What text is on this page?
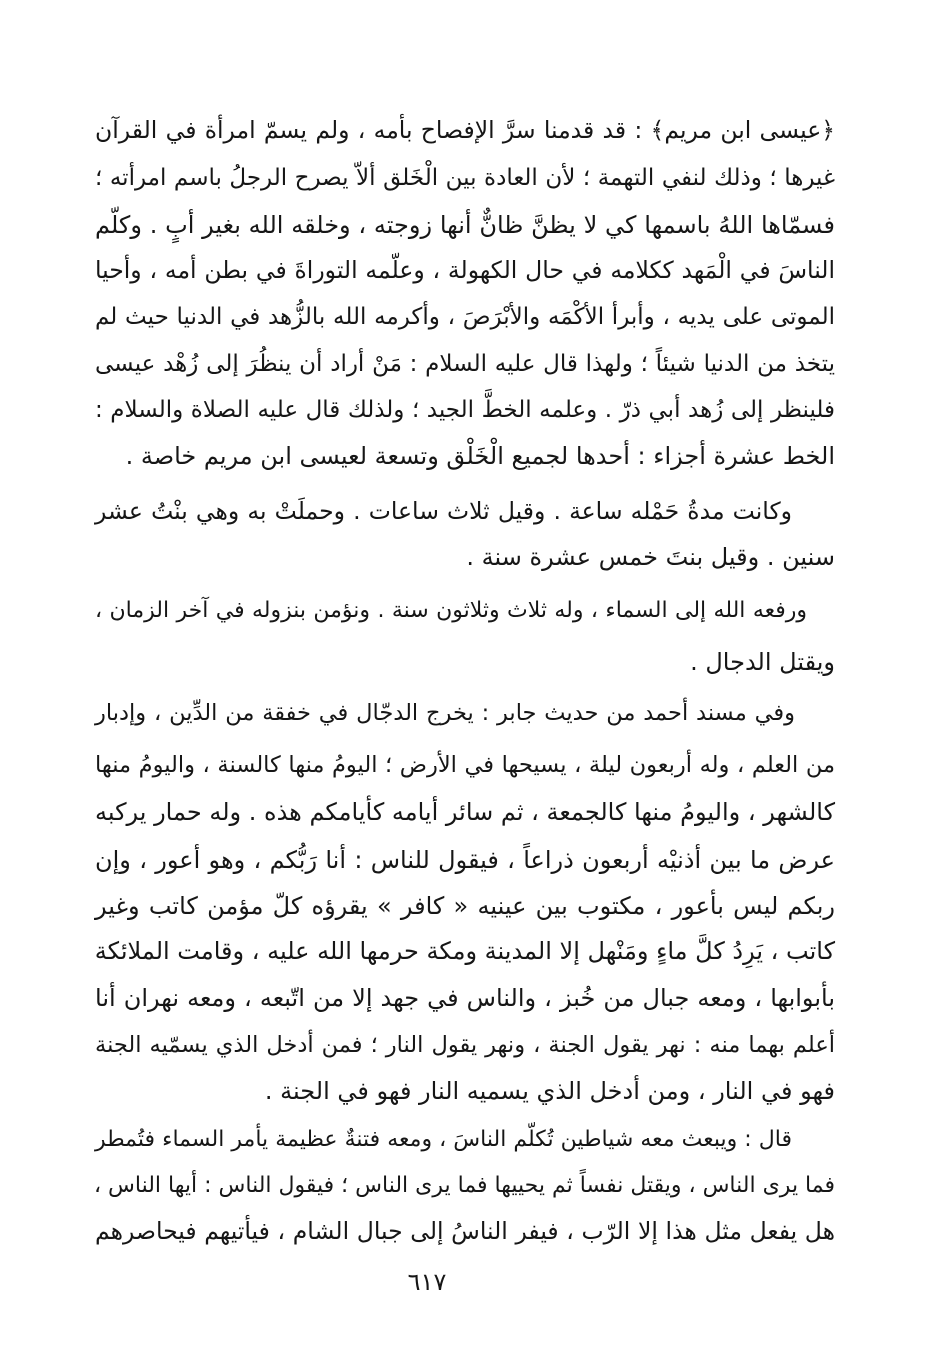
﴿عيسى ابن مريم﴾ : قد قدمنا سرَّ الإفصاح بأمه ، ولم يسمّ امرأة في القرآن
غيرها ؛ وذلك لنفي التهمة ؛ لأن العادة بين الْخَلق ألاّ يصرح الرجلُ باسم امرأته ؛
فسمّاها اللهُ باسمها كي لا يظنَّ ظانٌّ أنها زوجته ، وخلقه الله بغير أبٍ . وكلّم
الناسَ في الْمَهد ككلامه في حال الكهولة ، وعلّمه التوراةَ في بطن أمه ، وأحيا
الموتى على يديه ، وأبرأ الأكْمَه والأبْرَصَ ، وأكرمه الله بالزُّهد في الدنيا حيث لم
يتخذ من الدنيا شيئاً ؛ ولهذا قال عليه السلام : مَنْ أراد أن ينظُرَ إلى زُهْد عيسى
فلينظر إلى زُهد أبي ذرّ . وعلمه الخطَّ الجيد ؛ ولذلك قال عليه الصلاة والسلام :
الخط عشرة أجزاء : أحدها لجميع الْخَلْق وتسعة لعيسى ابن مريم خاصة .
وكانت مدةُ حَمْله ساعة . وقيل ثلاث ساعات . وحملَتْ به وهي بنْتُ عشر
سنين . وقيل بنتَ خمس عشرة سنة .
ورفعه الله إلى السماء ، وله ثلاث وثلاثون سنة . ونؤمن بنزوله في آخر الزمان ،
ويقتل الدجال .
وفي مسند أحمد من حديث جابر : يخرج الدجّال في خفقة من الدِّين ، وإدبار
من العلم ، وله أربعون ليلة ، يسيحها في الأرض ؛ اليومُ منها كالسنة ، واليومُ منها
كالشهر ، واليومُ منها كالجمعة ، ثم سائر أيامه كأيامكم هذه . وله حمار يركبه
عرض ما بين أذنيْه أربعون ذراعاً ، فيقول للناس : أنا رَبُّكم ، وهو أعور ، وإن
ربكم ليس بأعور ، مكتوب بين عينيه « كافر » يقرؤه كلّ مؤمن كاتب وغير
كاتب ، يَرِدُ كلَّ ماءٍ ومَنْهل إلا المدينة ومكة حرمها الله عليه ، وقامت الملائكة
بأبوابها ، ومعه جبال من خُبز ، والناس في جهد إلا من اتّبعه ، ومعه نهران أنا
أعلم بهما منه : نهر يقول الجنة ، ونهر يقول النار ؛ فمن أدخل الذي يسمّيه الجنة
فهو في النار ، ومن أدخل الذي يسميه النار فهو في الجنة .
قال : ويبعث معه شياطين تُكلّم الناسَ ، ومعه فتنةٌ عظيمة يأمر السماء فتُمطر
فما يرى الناس ، ويقتل نفساً ثم يحييها فما يرى الناس ؛ فيقول الناس : أيها الناس ،
هل يفعل مثل هذا إلا الرّب ، فيفر الناسُ إلى جبال الشام ، فيأتيهم فيحاصرهم
٦١٧
